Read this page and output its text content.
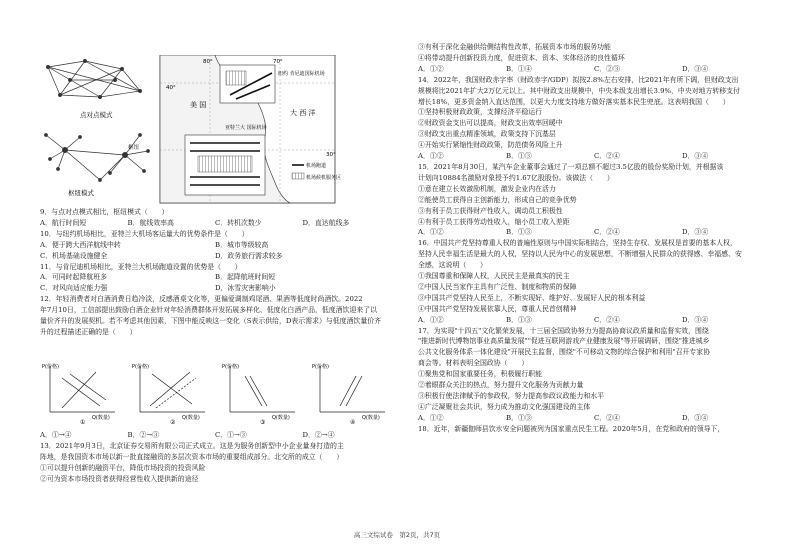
点对点模式
枢纽
枢纽模式
40°
30°
80°	70°
美 国
大 西 洋
纽约 肯尼迪国际机场
亚特兰大 国际机场
机场跑道
机场候机服务区
9．与点对点模式相比，枢纽模式（　　）
A．航行时间短	B．航线效率高	C．转机次数少	D．直达航线多
10．与纽约机场相比，亚特兰大机场客运量大的优势条件是（　　）
A．便于跨大西洋航线中转	B．城市等级较高
C．机场基础设施健全	D．政务旅行需求较多
11．与肯尼迪机场相比，亚特兰大机场跑道设置的优势是（　　）
A．可同时起降航班多	B．起降航班时间短
C．对风向适应能力强	D．冰雪灾害影响小
12．年轻消费者对白酒消费日趋冷淡，反感酒桌文化等，更偏爱调制鸡尾酒、果酒等低度时尚酒饮。2022
年7月10日，工信部提出鼓励白酒企业针对年轻消费群体开发拓展多样化、低度化白酒产品，低度酒饮迎来了以
量价齐升的发展契机。若不考虑其他因素，下图中能反映这一变化（S表示供给，D表示需求）与低度酒饮量价齐
升的过程描述正确的是（　　）
P(价格)	P(价格)	P(价格)	P(价格)
Q(数量)	Q(数量)	Q(数量)	Q(数量)
①	②	③	④
A．①→④	B．②→③	C．①→③	D．②→④
13．2021年9月3日，北京证券交易所有限公司正式成立。这是为服务创新型中小企业量身打造的主
阵地，是我国资本市场以新一批直接融资的多层次资本市场的重要组成部分。北交所的成立（　　）
①可以提升创新的融资平台，降低市场投资的投资风险
②可为资本市场投资者获得经营性收入提供新的途径
③有利于深化金融供给侧结构性改革，拓展资本市场的服务功能
④将带动提升创新投资力度，促进资本、资本、实体经济的良性循环
A．①②	B．①④	C．②③	D．③④
14．2022年，我国财政赤字率（财政赤字/GDP）拟按2.8%左右安排，比2021年有所下调，但财政支出
规模将比2021年扩大2万亿元以上。其中财政支出规模中，中央本级支出增长3.9%，中央对地方转移支付
增长18%，更多资金纳入直达范围，以更大力度支持地方做好落实基本民生兜底。这表明我国（　　）
①坚持积极财政政策，支撑经济平稳运行
②财政资金支出可以提高，财政支出效率回暖中
③财政支出重点精准领域，政策支持下沉基层
④开始实行紧缩性财政政策，防范债务风险上升
A．①②	B．①③	C．②④	D．③④
15．2021年8月30日，某汽车企业董事会通过了一项总额不超过3.5亿股的股份奖励计划，并根据该
计划向10884名激励对象授予约1.67亿股股份。该做法（　　）
①意在建立长效激励机制，激发企业内在活力
②能使员工获得自主创新能力，形成自己的竞争优势
③有利于员工获得财产性收入，调动员工积极性
④有利于员工获得劳动性收入，缩小员工收入差距
A．①②	B．①③	C．②④	D．③④
16．中国共产党坚持尊重人权的普遍性原则与中国实际相结合，坚持生存权、发展权是首要的基本人权，
坚持人民幸福生活是最大的人权，坚持以人民为中心的发展思想，不断增强人民群众的获得感、幸福感、安
全感，这说明（　　）
①我国尊重和保障人权，人民民主是最真实的民主
②中国人民当家作主具有广泛性、制度和物质的保障
③中国共产党坚持人民至上，不断实现好、维护好、发展好人民的根本利益
④中国共产党坚持发展依靠人民，尊重人民首创精神
A．①②	B．①③	C．②④	D．③④
17．为实现"十四五"文化繁荣发展，十三届全国政协努力为提高协商议政质量和监督实效，围绕
"推进新时代博物馆事业高质量发展""促进互联网游戏产业健康发展"等开展调研，围绕"推进城乡
公共文化服务体系一体化建设"开展民主监督，围绕"不可移动文物的综合保护和利用"召开专家协
商会等。材料表明全国政协（　　）
①聚焦党和国家重要任务，积极履行职能
②着眼群众关注的热点，努力提升文化服务为贡献力量
③积极行使法律赋予的参政权，努力提高参政议政能力和水平
④广泛凝聚社会共识，努力成为推动文化强国建设的主体
A．①②	B．①③	C．②④	D．③④
18．近年，新疆伽师县饮水安全问题被列为国家重点民生工程。2020年5月，在党和政府的领导下，
高三文综试卷　第2页，共7页
